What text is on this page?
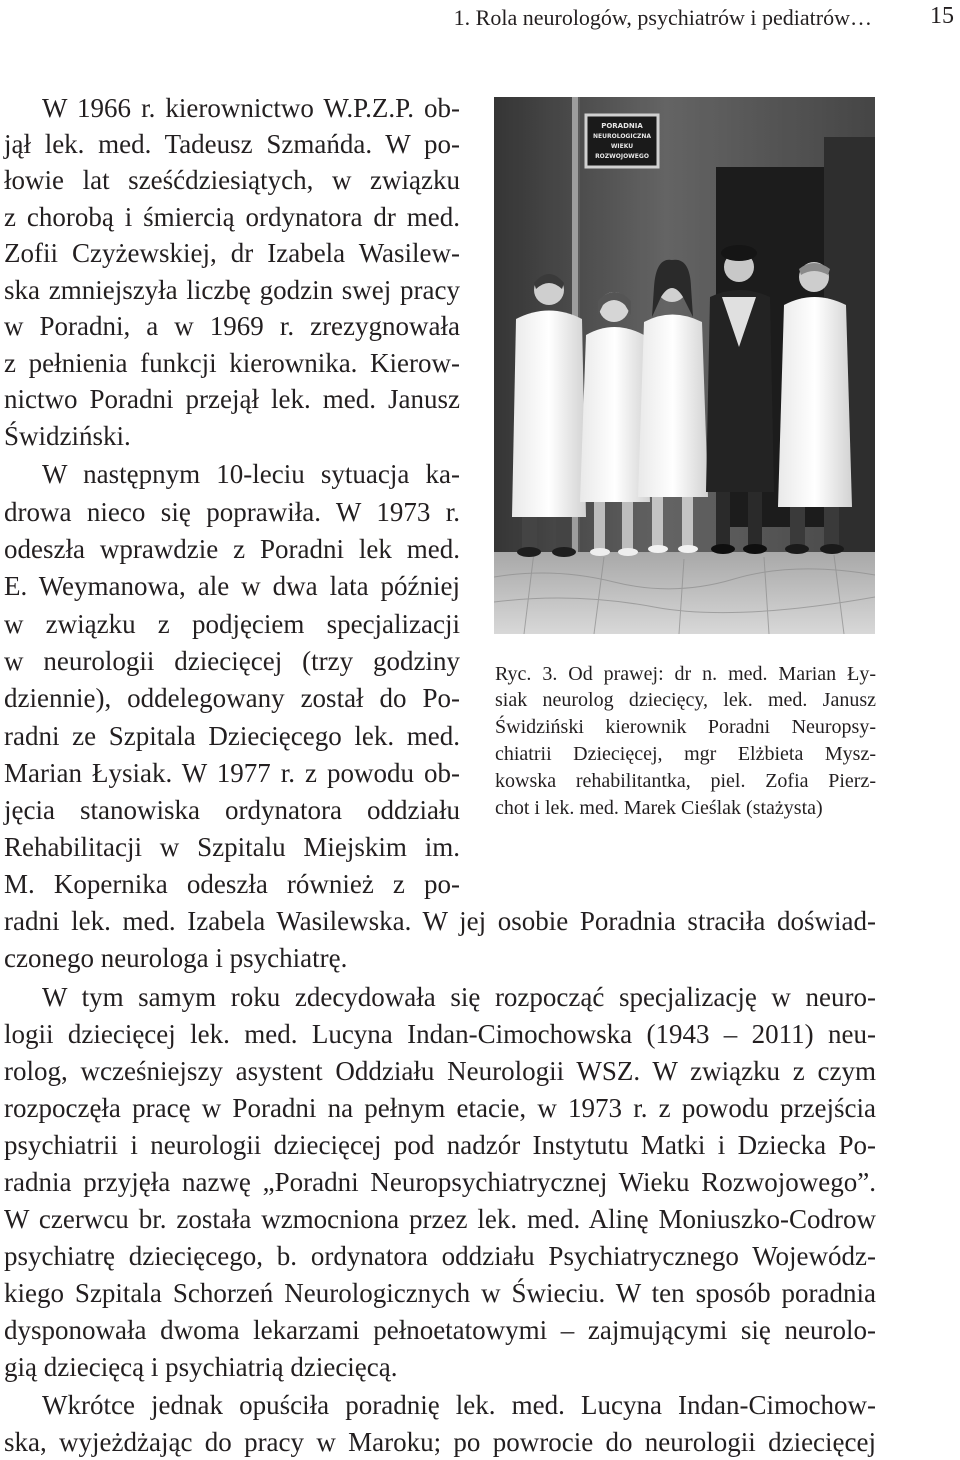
1. Rola neurologów, psychiatrów i pediatrów… 15
PORADNIA
NEUROLOGICZNA
WIEKU
ROZWOJOWEGO
Ryc. 3. Od prawej: dr n. med. Marian Ły-
siak neurolog dziecięcy, lek. med. Janusz
Świdziński kierownik Poradni Neuropsy-
chiatrii Dziecięcej, mgr Elżbieta Mysz-
kowska rehabilitantka, piel. Zofia Pierz-
chot i lek. med. Marek Cieślak (stażysta)
W 1966 r. kierownictwo W.P.Z.P. ob-
jął lek. med. Tadeusz Szmańda. W po-
łowie lat sześćdziesiątych, w związku
z chorobą i śmiercią ordynatora dr med.
Zofii Czyżewskiej, dr Izabela Wasilew-
ska zmniejszyła liczbę godzin swej pracy
w Poradni, a w 1969 r. zrezygnowała
z pełnienia funkcji kierownika. Kierow-
nictwo Poradni przejął lek. med. Janusz
Świdziński.
W następnym 10-leciu sytuacja ka-
drowa nieco się poprawiła. W 1973 r.
odeszła wprawdzie z Poradni lek med.
E. Weymanowa, ale w dwa lata później
w związku z podjęciem specjalizacji
w neurologii dziecięcej (trzy godziny
dziennie), oddelegowany został do Po-
radni ze Szpitala Dziecięcego lek. med.
Marian Łysiak. W 1977 r. z powodu ob-
jęcia stanowiska ordynatora oddziału
Rehabilitacji w Szpitalu Miejskim im.
M. Kopernika odeszła również z po-
radni lek. med. Izabela Wasilewska. W jej osobie Poradnia straciła doświad-
czonego neurologa i psychiatrę.
W tym samym roku zdecydowała się rozpocząć specjalizację w neuro-
logii dziecięcej lek. med. Lucyna Indan-Cimochowska (1943 – 2011) neu-
rolog, wcześniejszy asystent Oddziału Neurologii WSZ. W związku z czym
rozpoczęła pracę w Poradni na pełnym etacie, w 1973 r. z powodu przejścia
psychiatrii i neurologii dziecięcej pod nadzór Instytutu Matki i Dziecka Po-
radnia przyjęła nazwę „Poradni Neuropsychiatrycznej Wieku Rozwojowego”.
W czerwcu br. została wzmocniona przez lek. med. Alinę Moniuszko-Codrow
psychiatrę dziecięcego, b. ordynatora oddziału Psychiatrycznego Wojewódz-
kiego Szpitala Schorzeń Neurologicznych w Świeciu. W ten sposób poradnia
dysponowała dwoma lekarzami pełnoetatowymi – zajmującymi się neurolo-
gią dziecięcą i psychiatrią dziecięcą.
Wkrótce jednak opuściła poradnię lek. med. Lucyna Indan-Cimochow-
ska, wyjeżdżając do pracy w Maroku; po powrocie do neurologii dziecięcej
